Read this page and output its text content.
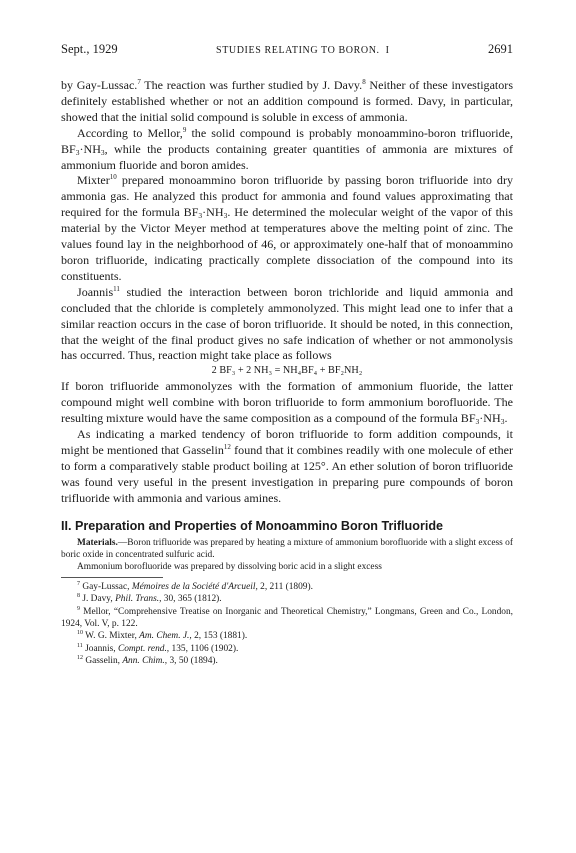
Sept., 1929	STUDIES RELATING TO BORON. I	2691

by Gay-Lussac.$^7$ The reaction was further studied by J. Davy.$^8$ Neither of these investigators definitely established whether or not an addition compound is formed. Davy, in particular, showed that the initial solid compound is soluble in excess of ammonia.

According to Mellor,$^9$ the solid compound is probably monoammino-boron trifluoride, $BF_3\cdot NH_3$, while the products containing greater quantities of ammonia are mixtures of ammonium fluoride and boron amides.

Mixter$^{10}$ prepared monoammino boron trifluoride by passing boron trifluoride into dry ammonia gas. He analyzed this product for ammonia and found values approximating that required for the formula $BF_3\cdot NH_3$. He determined the molecular weight of the vapor of this material by the Victor Meyer method at temperatures above the melting point of zinc. The values found lay in the neighborhood of 46, or approximately one-half that of monoammino boron trifluoride, indicating practically complete dissociation of the compound into its constituents.

Joannis$^{11}$ studied the interaction between boron trichloride and liquid ammonia and concluded that the chloride is completely ammonolyzed. This might lead one to infer that a similar reaction occurs in the case of boron trifluoride. It should be noted, in this connection, that the weight of the final product gives no safe indication of whether or not ammonolysis has occurred. Thus, reaction might take place as follows

2 BF₃ + 2 NH₃ = NH₄BF₄ + BF₂NH₂

If boron trifluoride ammonolyzes with the formation of ammonium fluoride, the latter compound might well combine with boron trifluoride to form ammonium borofluoride. The resulting mixture would have the same composition as a compound of the formula $BF_3\cdot NH_3$.

As indicating a marked tendency of boron trifluoride to form addition compounds, it might be mentioned that Gasselin$^{12}$ found that it combines readily with one molecule of ether to form a comparatively stable product boiling at 125°. An ether solution of boron trifluoride was found very useful in the present investigation in preparing pure compounds of boron trifluoride with ammonia and various amines.

II. Preparation and Properties of Monoammino Boron Trifluoride

Materials.—Boron trifluoride was prepared by heating a mixture of ammonium borofluoride with a slight excess of boric oxide in concentrated sulfuric acid.

Ammonium borofluoride was prepared by dissolving boric acid in a slight excess

$^7$ Gay-Lussac, Mémoires de la Société d'Arcueil, 2, 211 (1809).

$^8$ J. Davy, Phil. Trans., 30, 365 (1812).

$^9$ Mellor, “Comprehensive Treatise on Inorganic and Theoretical Chemistry,” Longmans, Green and Co., London, 1924, Vol. V, p. 122.

$^{10}$ W. G. Mixter, Am. Chem. J., 2, 153 (1881).

$^{11}$ Joannis, Compt. rend., 135, 1106 (1902).

$^{12}$ Gasselin, Ann. Chim., 3, 50 (1894).
